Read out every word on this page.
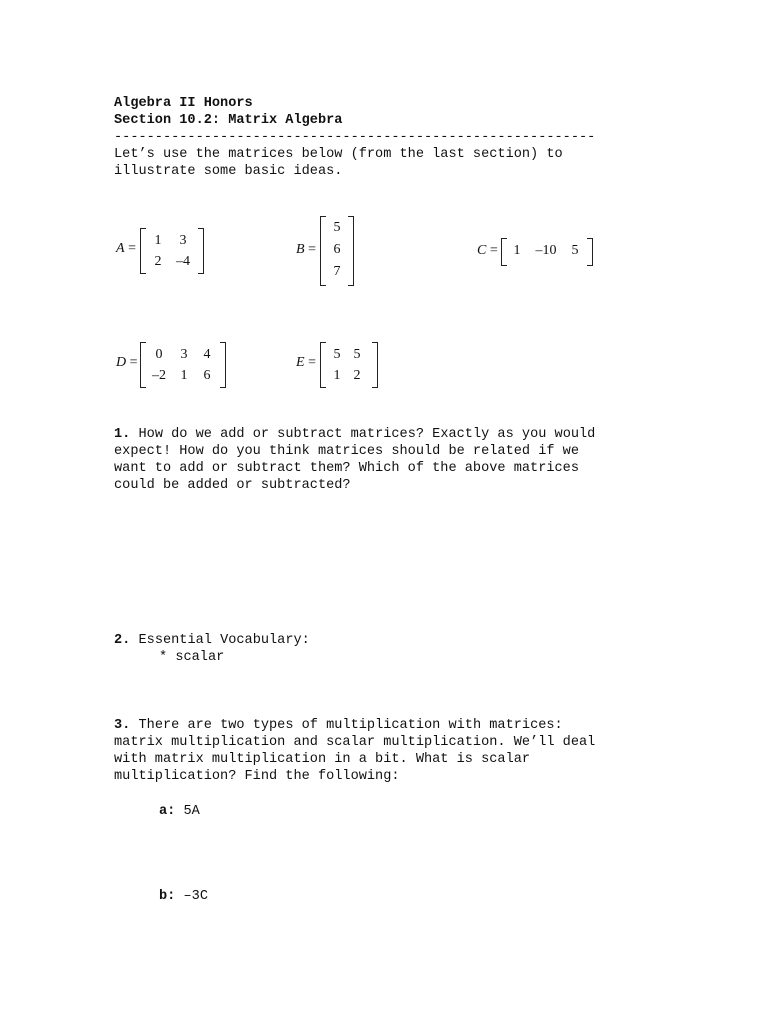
Algebra II Honors
Section 10.2: Matrix Algebra
-----------------------------------------------------------
Let’s use the matrices below (from the last section) to
illustrate some basic ideas.
A =
1	3
2	–4
B =
5
6
7
C =	1	–10	5
D =
0	3	4
–2	1	6
E =
5 5
1 2
1. How do we add or subtract matrices? Exactly as you would
expect! How do you think matrices should be related if we
want to add or subtract them? Which of the above matrices
could be added or subtracted?
2. Essential Vocabulary:
* scalar
3. There are two types of multiplication with matrices:
matrix multiplication and scalar multiplication. We’ll deal
with matrix multiplication in a bit. What is scalar
multiplication? Find the following:
a: 5A
b: –3C
